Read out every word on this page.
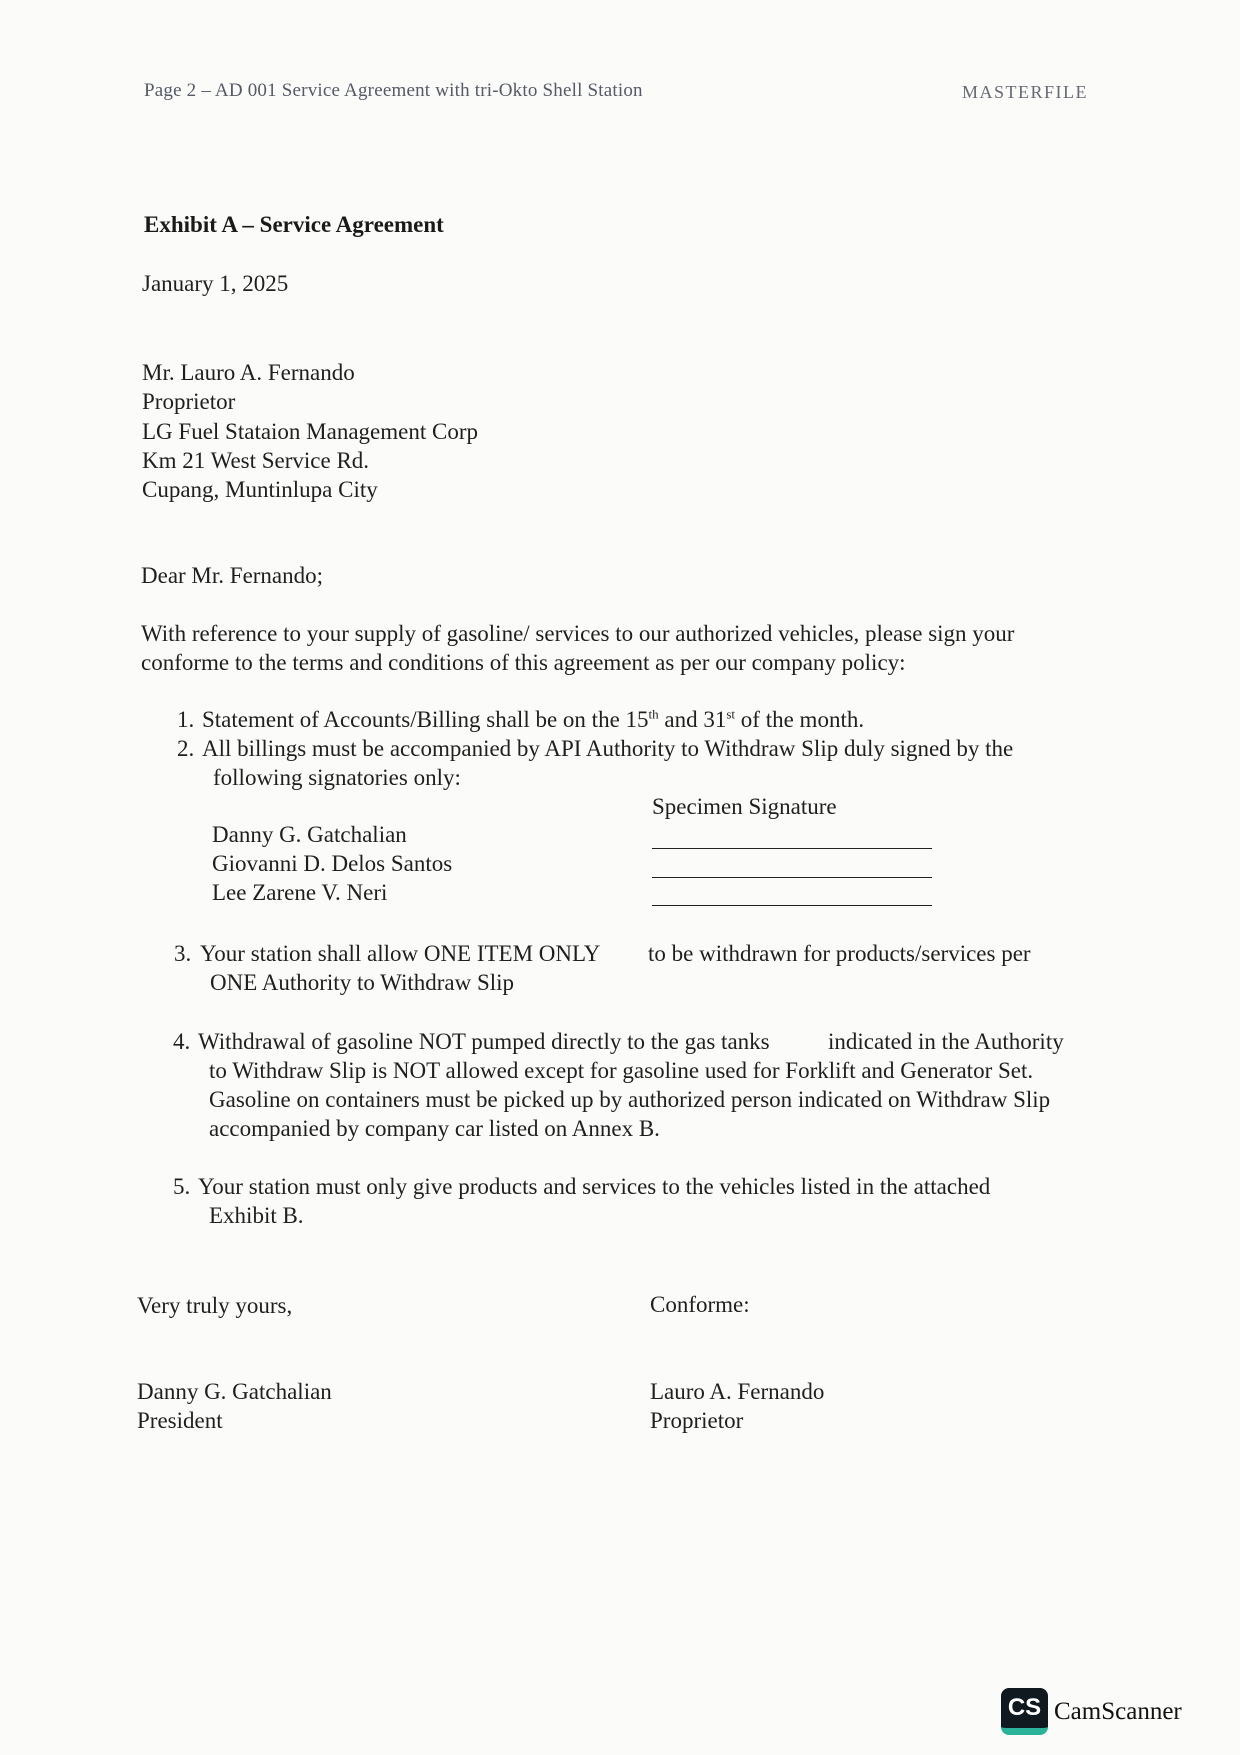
Page 2 – AD 001 Service Agreement with tri-Okto Shell Station	MASTERFILE
Exhibit A – Service Agreement
January 1, 2025
Mr. Lauro A. Fernando
Proprietor
LG Fuel Stataion Management Corp
Km 21 West Service Rd.
Cupang, Muntinlupa City
Dear Mr. Fernando;
With reference to your supply of gasoline/ services to our authorized vehicles, please sign your
conforme to the terms and conditions of this agreement as per our company policy:
1. Statement of Accounts/Billing shall be on the 15th and 31st of the month.
2. All billings must be accompanied by API Authority to Withdraw Slip duly signed by the
following signatories only:
Specimen Signature
Danny G. Gatchalian
Giovanni D. Delos Santos
Lee Zarene V. Neri
3. Your station shall allow ONE ITEM ONLY to be withdrawn for products/services per
ONE Authority to Withdraw Slip
4. Withdrawal of gasoline NOT pumped directly to the gas tanks	indicated in the Authority
to Withdraw Slip is NOT allowed except for gasoline used for Forklift and Generator Set.
Gasoline on containers must be picked up by authorized person indicated on Withdraw Slip
accompanied by company car listed on Annex B.
5. Your station must only give products and services to the vehicles listed in the attached
Exhibit B.
Very truly yours,	Conforme:
Danny G. Gatchalian
President
Lauro A. Fernando
Proprietor
CS CamScanner
